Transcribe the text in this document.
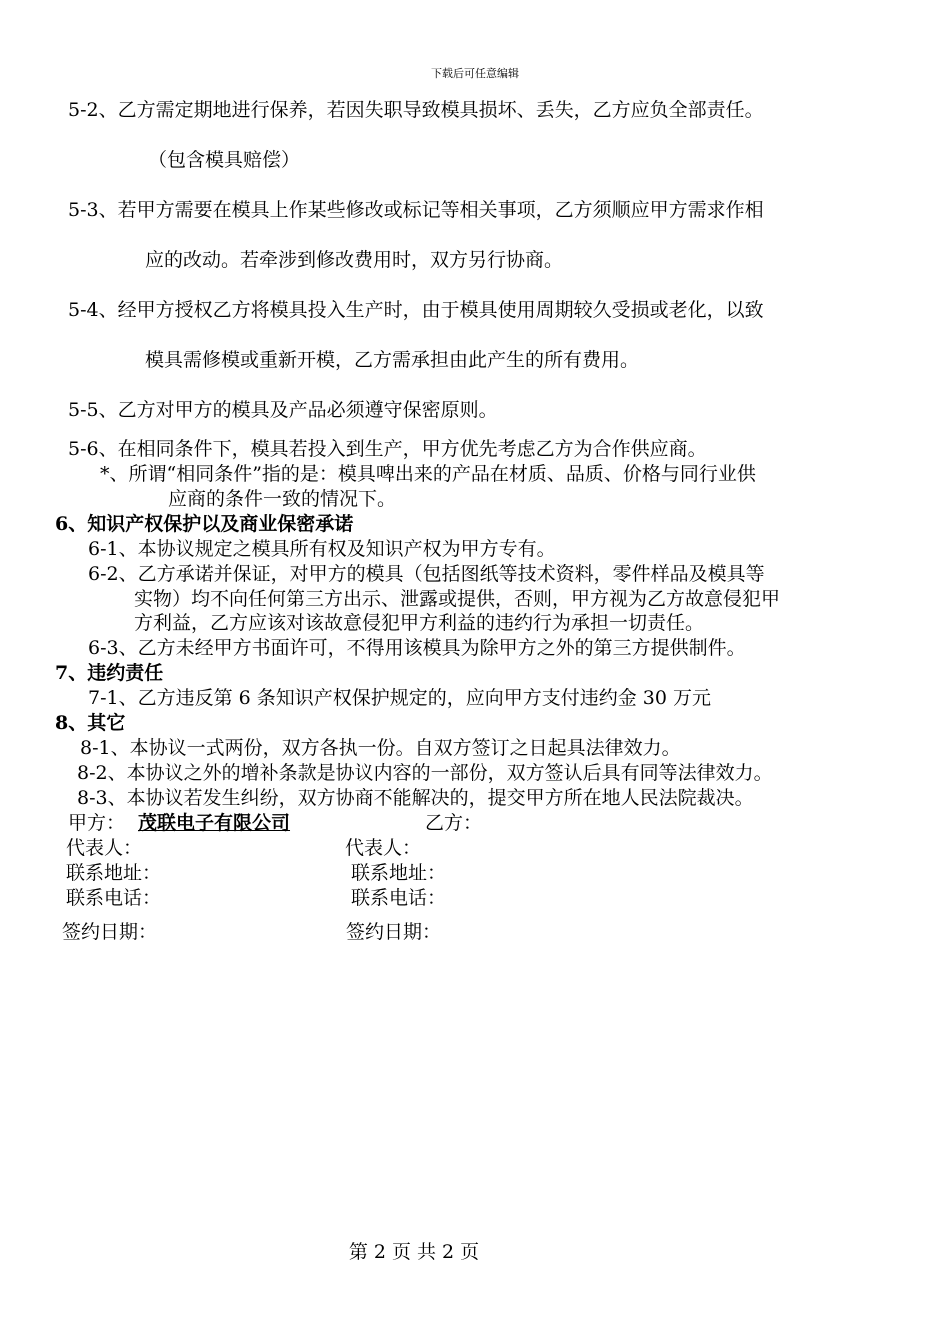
下载后可任意编辑
5-2、乙方需定期地进行保养，若因失职导致模具损坏、丢失，乙方应负全部责任。
（包含模具赔偿）
5-3、若甲方需要在模具上作某些修改或标记等相关事项，乙方须顺应甲方需求作相
应的改动。若牵涉到修改费用时，双方另行协商。
5-4、经甲方授权乙方将模具投入生产时，由于模具使用周期较久受损或老化，以致
模具需修模或重新开模，乙方需承担由此产生的所有费用。
5-5、乙方对甲方的模具及产品必须遵守保密原则。
5-6、在相同条件下，模具若投入到生产，甲方优先考虑乙方为合作供应商。
*、所谓“相同条件”指的是：模具啤出来的产品在材质、品质、价格与同行业供
应商的条件一致的情况下。
6、知识产权保护以及商业保密承诺
6-1、本协议规定之模具所有权及知识产权为甲方专有。
6-2、乙方承诺并保证，对甲方的模具（包括图纸等技术资料，零件样品及模具等
实物）均不向任何第三方出示、泄露或提供，否则，甲方视为乙方故意侵犯甲
方利益，乙方应该对该故意侵犯甲方利益的违约行为承担一切责任。
6-3、乙方未经甲方书面许可，不得用该模具为除甲方之外的第三方提供制件。
7、违约责任
7-1、乙方违反第 6 条知识产权保护规定的，应向甲方支付违约金 30 万元
8、其它
8-1、本协议一式两份，双方各执一份。自双方签订之日起具法律效力。
8-2、本协议之外的增补条款是协议内容的一部份，双方签认后具有同等法律效力。
8-3、本协议若发生纠纷，双方协商不能解决的，提交甲方所在地人民法院裁决。
甲方： 茂联电子有限公司	乙方：
代表人：	代表人：
联系地址：	联系地址：
联系电话：	联系电话：
签约日期：	签约日期：
第 2 页 共 2 页
